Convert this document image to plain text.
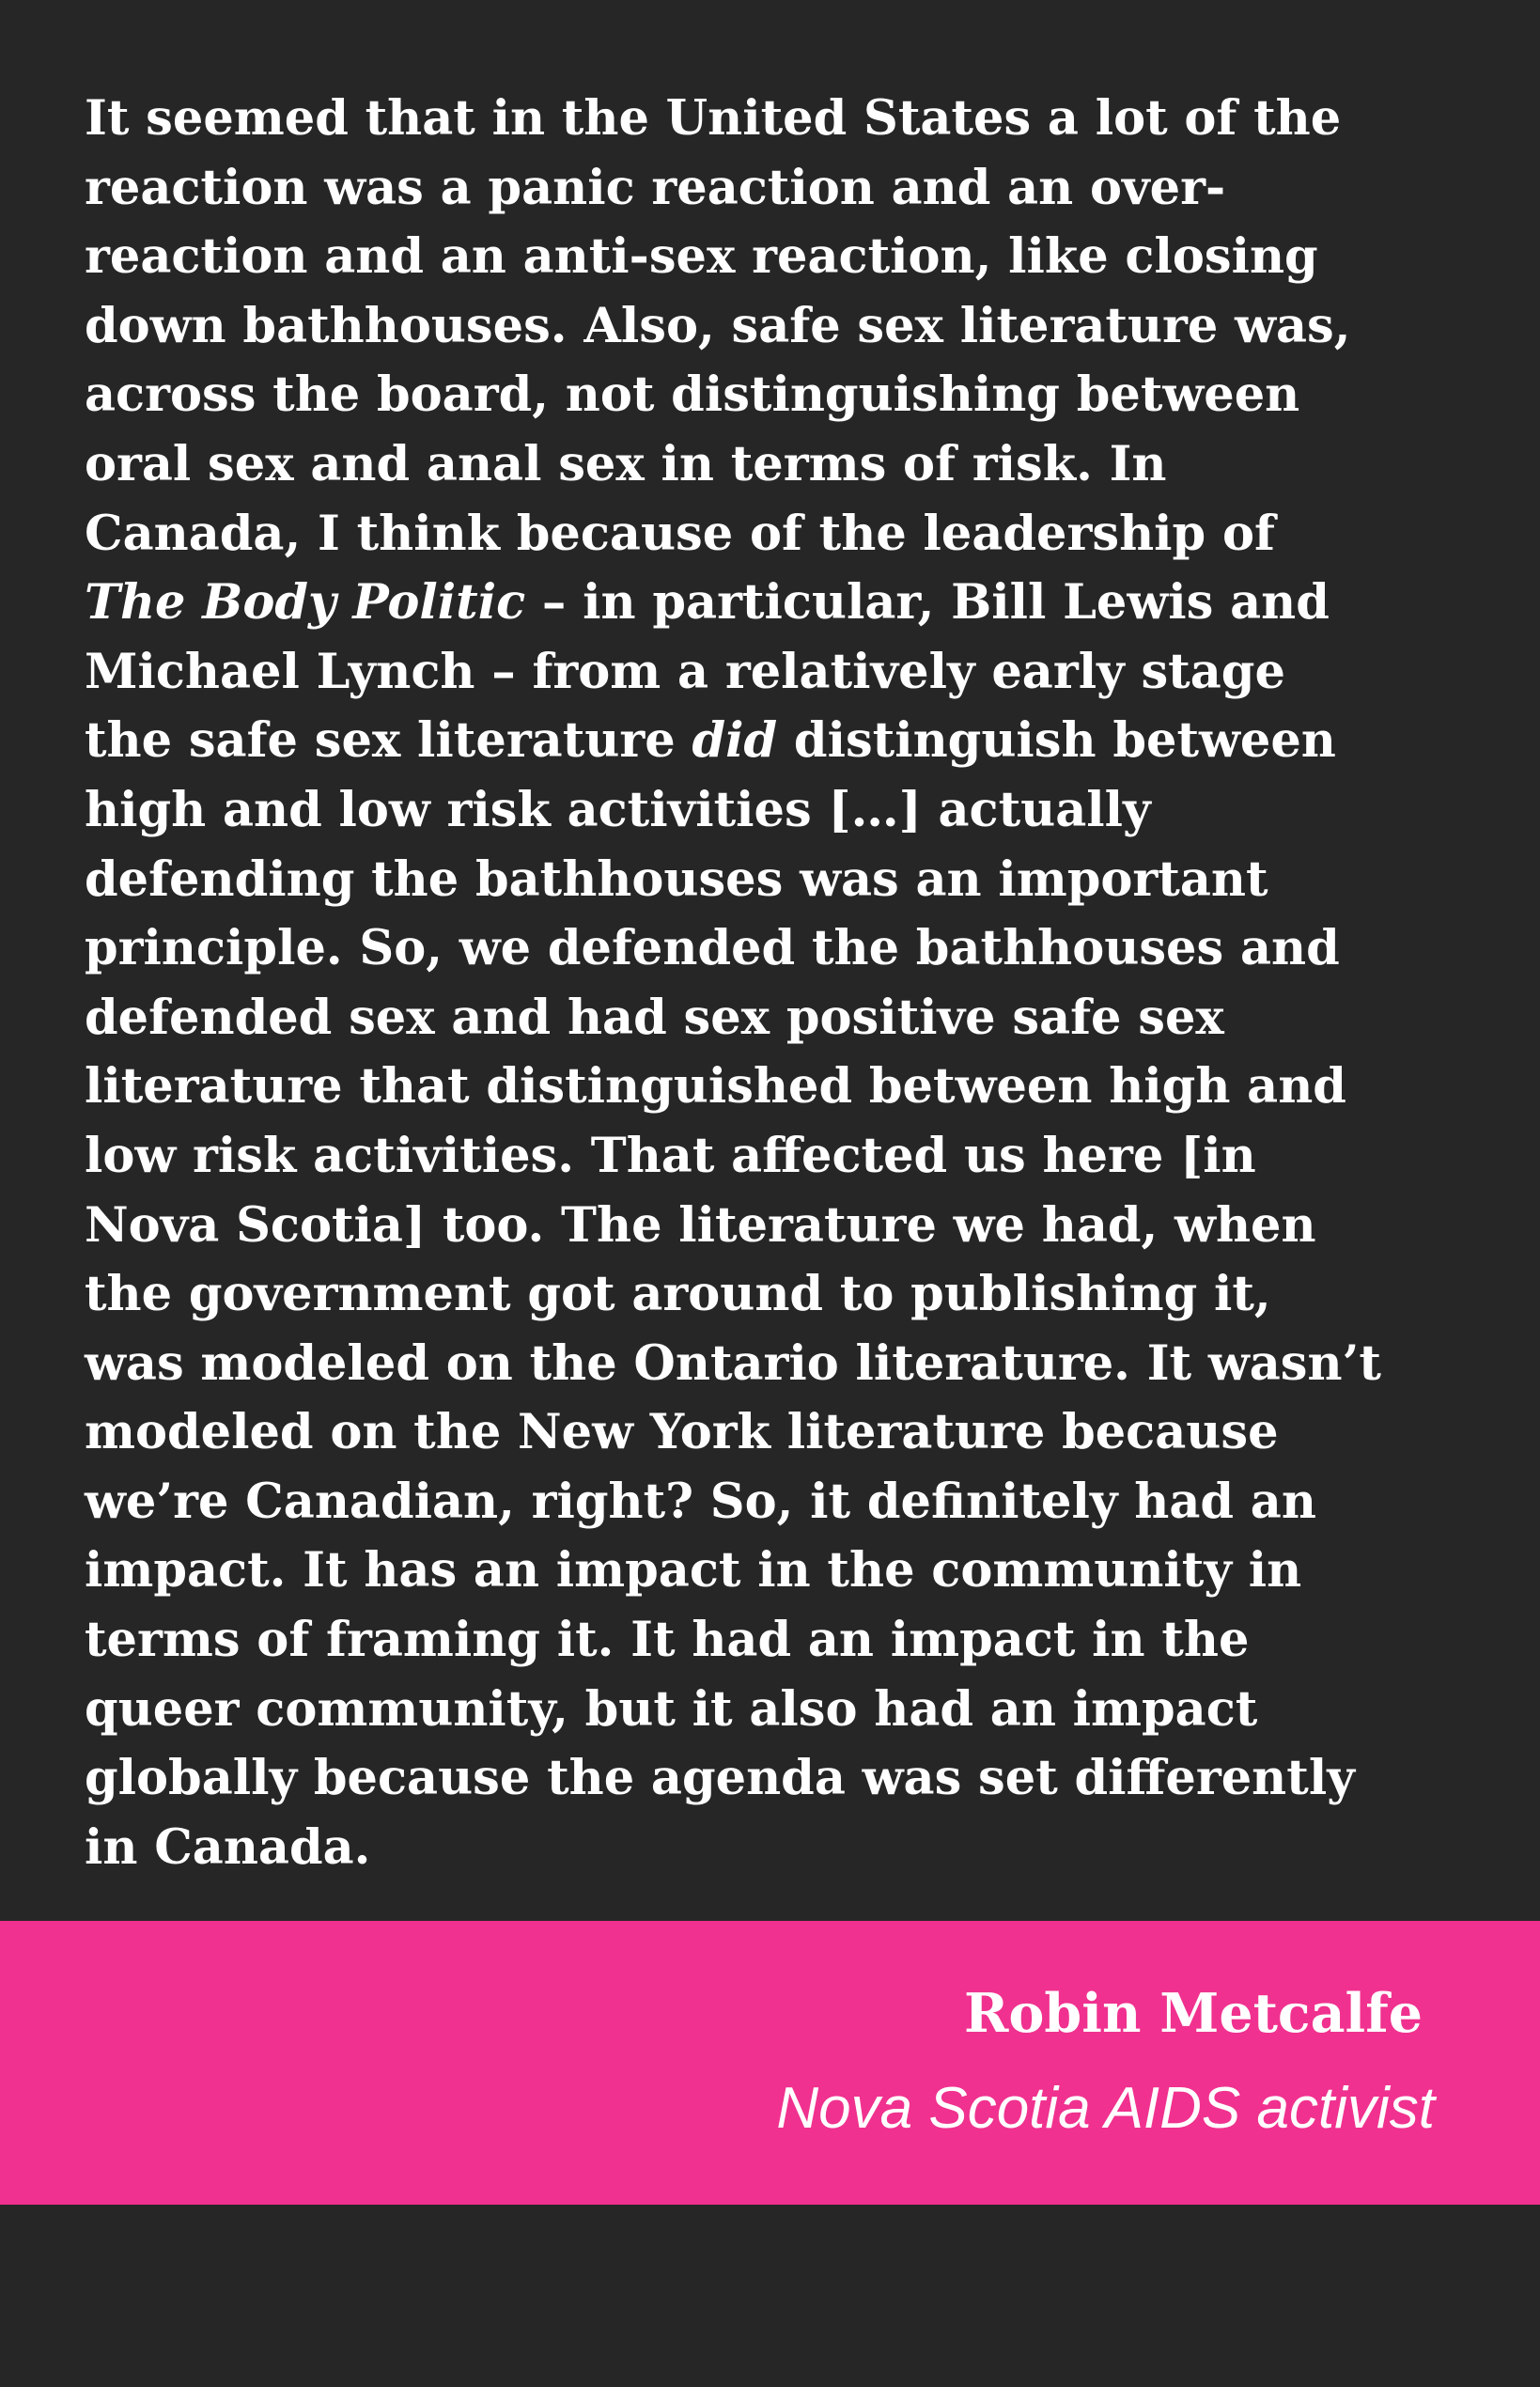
It seemed that in the United States a lot of the
reaction was a panic reaction and an over-
reaction and an anti-sex reaction, like closing
down bathhouses. Also, safe sex literature was,
across the board, not distinguishing between
oral sex and anal sex in terms of risk. In
Canada, I think because of the leadership of
The Body Politic – in particular, Bill Lewis and
Michael Lynch – from a relatively early stage
the safe sex literature did distinguish between
high and low risk activities […] actually
defending the bathhouses was an important
principle. So, we defended the bathhouses and
defended sex and had sex positive safe sex
literature that distinguished between high and
low risk activities. That affected us here [in
Nova Scotia] too. The literature we had, when
the government got around to publishing it,
was modeled on the Ontario literature. It wasn’t
modeled on the New York literature because
we’re Canadian, right? So, it definitely had an
impact. It has an impact in the community in
terms of framing it. It had an impact in the
queer community, but it also had an impact
globally because the agenda was set differently
in Canada.

Robin Metcalfe

Nova Scotia AIDS activist
